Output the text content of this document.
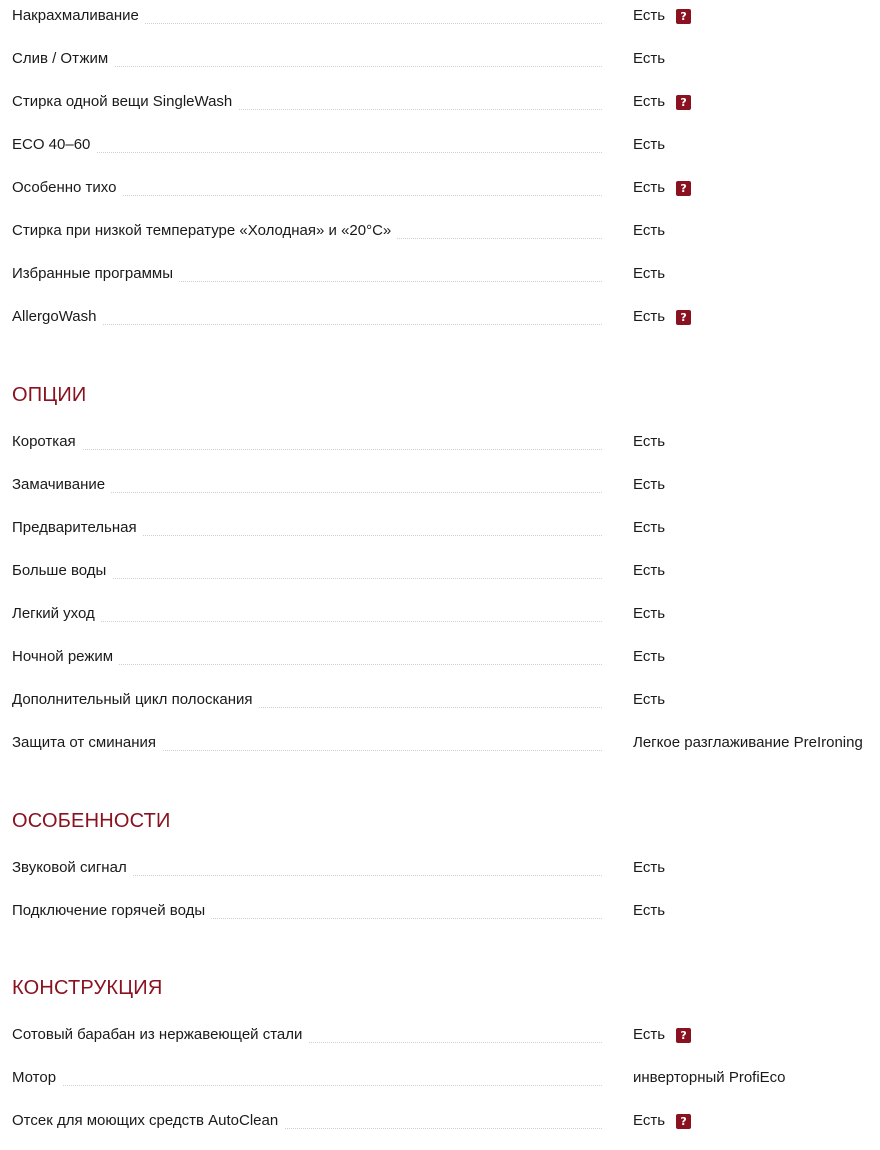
Накрахмаливание	Есть	?
Слив / Отжим	Есть
Стирка одной вещи SingleWash	Есть	?
ECO 40–60	Есть
Особенно тихо	Есть	?
Стирка при низкой температуре «Холодная» и «20°C»	Есть
Избранные программы	Есть
AllergoWash	Есть	?
ОПЦИИ
Короткая	Есть
Замачивание	Есть
Предварительная	Есть
Больше воды	Есть
Легкий уход	Есть
Ночной режим	Есть
Дополнительный цикл полоскания	Есть
Защита от сминания	Легкое разглаживание PreIroning
ОСОБЕННОСТИ
Звуковой сигнал	Есть
Подключение горячей воды	Есть
КОНСТРУКЦИЯ
Сотовый барабан из нержавеющей стали	Есть	?
Мотор	инверторный ProfiEco
Отсек для моющих средств AutoClean	Есть	?
